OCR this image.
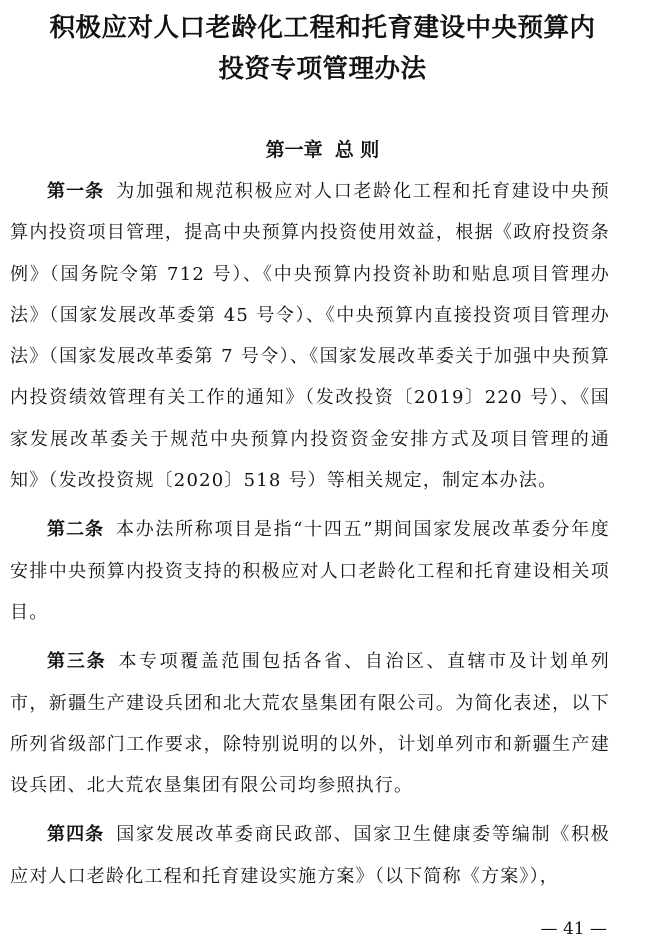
积极应对人口老龄化工程和托育建设中央预算内
投资专项管理办法
第一章 总 则

第一条 为加强和规范积极应对人口老龄化工程和托育建设中央预算内投资项目管理，提高中央预算内投资使用效益，根据《政府投资条例》（国务院令第 712 号）、《中央预算内投资补助和贴息项目管理办法》（国家发展改革委第 45 号令）、《中央预算内直接投资项目管理办法》（国家发展改革委第 7 号令）、《国家发展改革委关于加强中央预算内投资绩效管理有关工作的通知》（发改投资〔2019〕220 号）、《国家发展改革委关于规范中央预算内投资资金安排方式及项目管理的通知》（发改投资规〔2020〕518 号）等相关规定，制定本办法。

第二条 本办法所称项目是指“十四五”期间国家发展改革委分年度安排中央预算内投资支持的积极应对人口老龄化工程和托育建设相关项目。

第三条 本专项覆盖范围包括各省、自治区、直辖市及计划单列市，新疆生产建设兵团和北大荒农垦集团有限公司。为简化表述，以下所列省级部门工作要求，除特别说明的以外，计划单列市和新疆生产建设兵团、北大荒农垦集团有限公司均参照执行。

第四条 国家发展改革委商民政部、国家卫生健康委等编制《积极应对人口老龄化工程和托育建设实施方案》（以下简称《方案》），

— 41 —
